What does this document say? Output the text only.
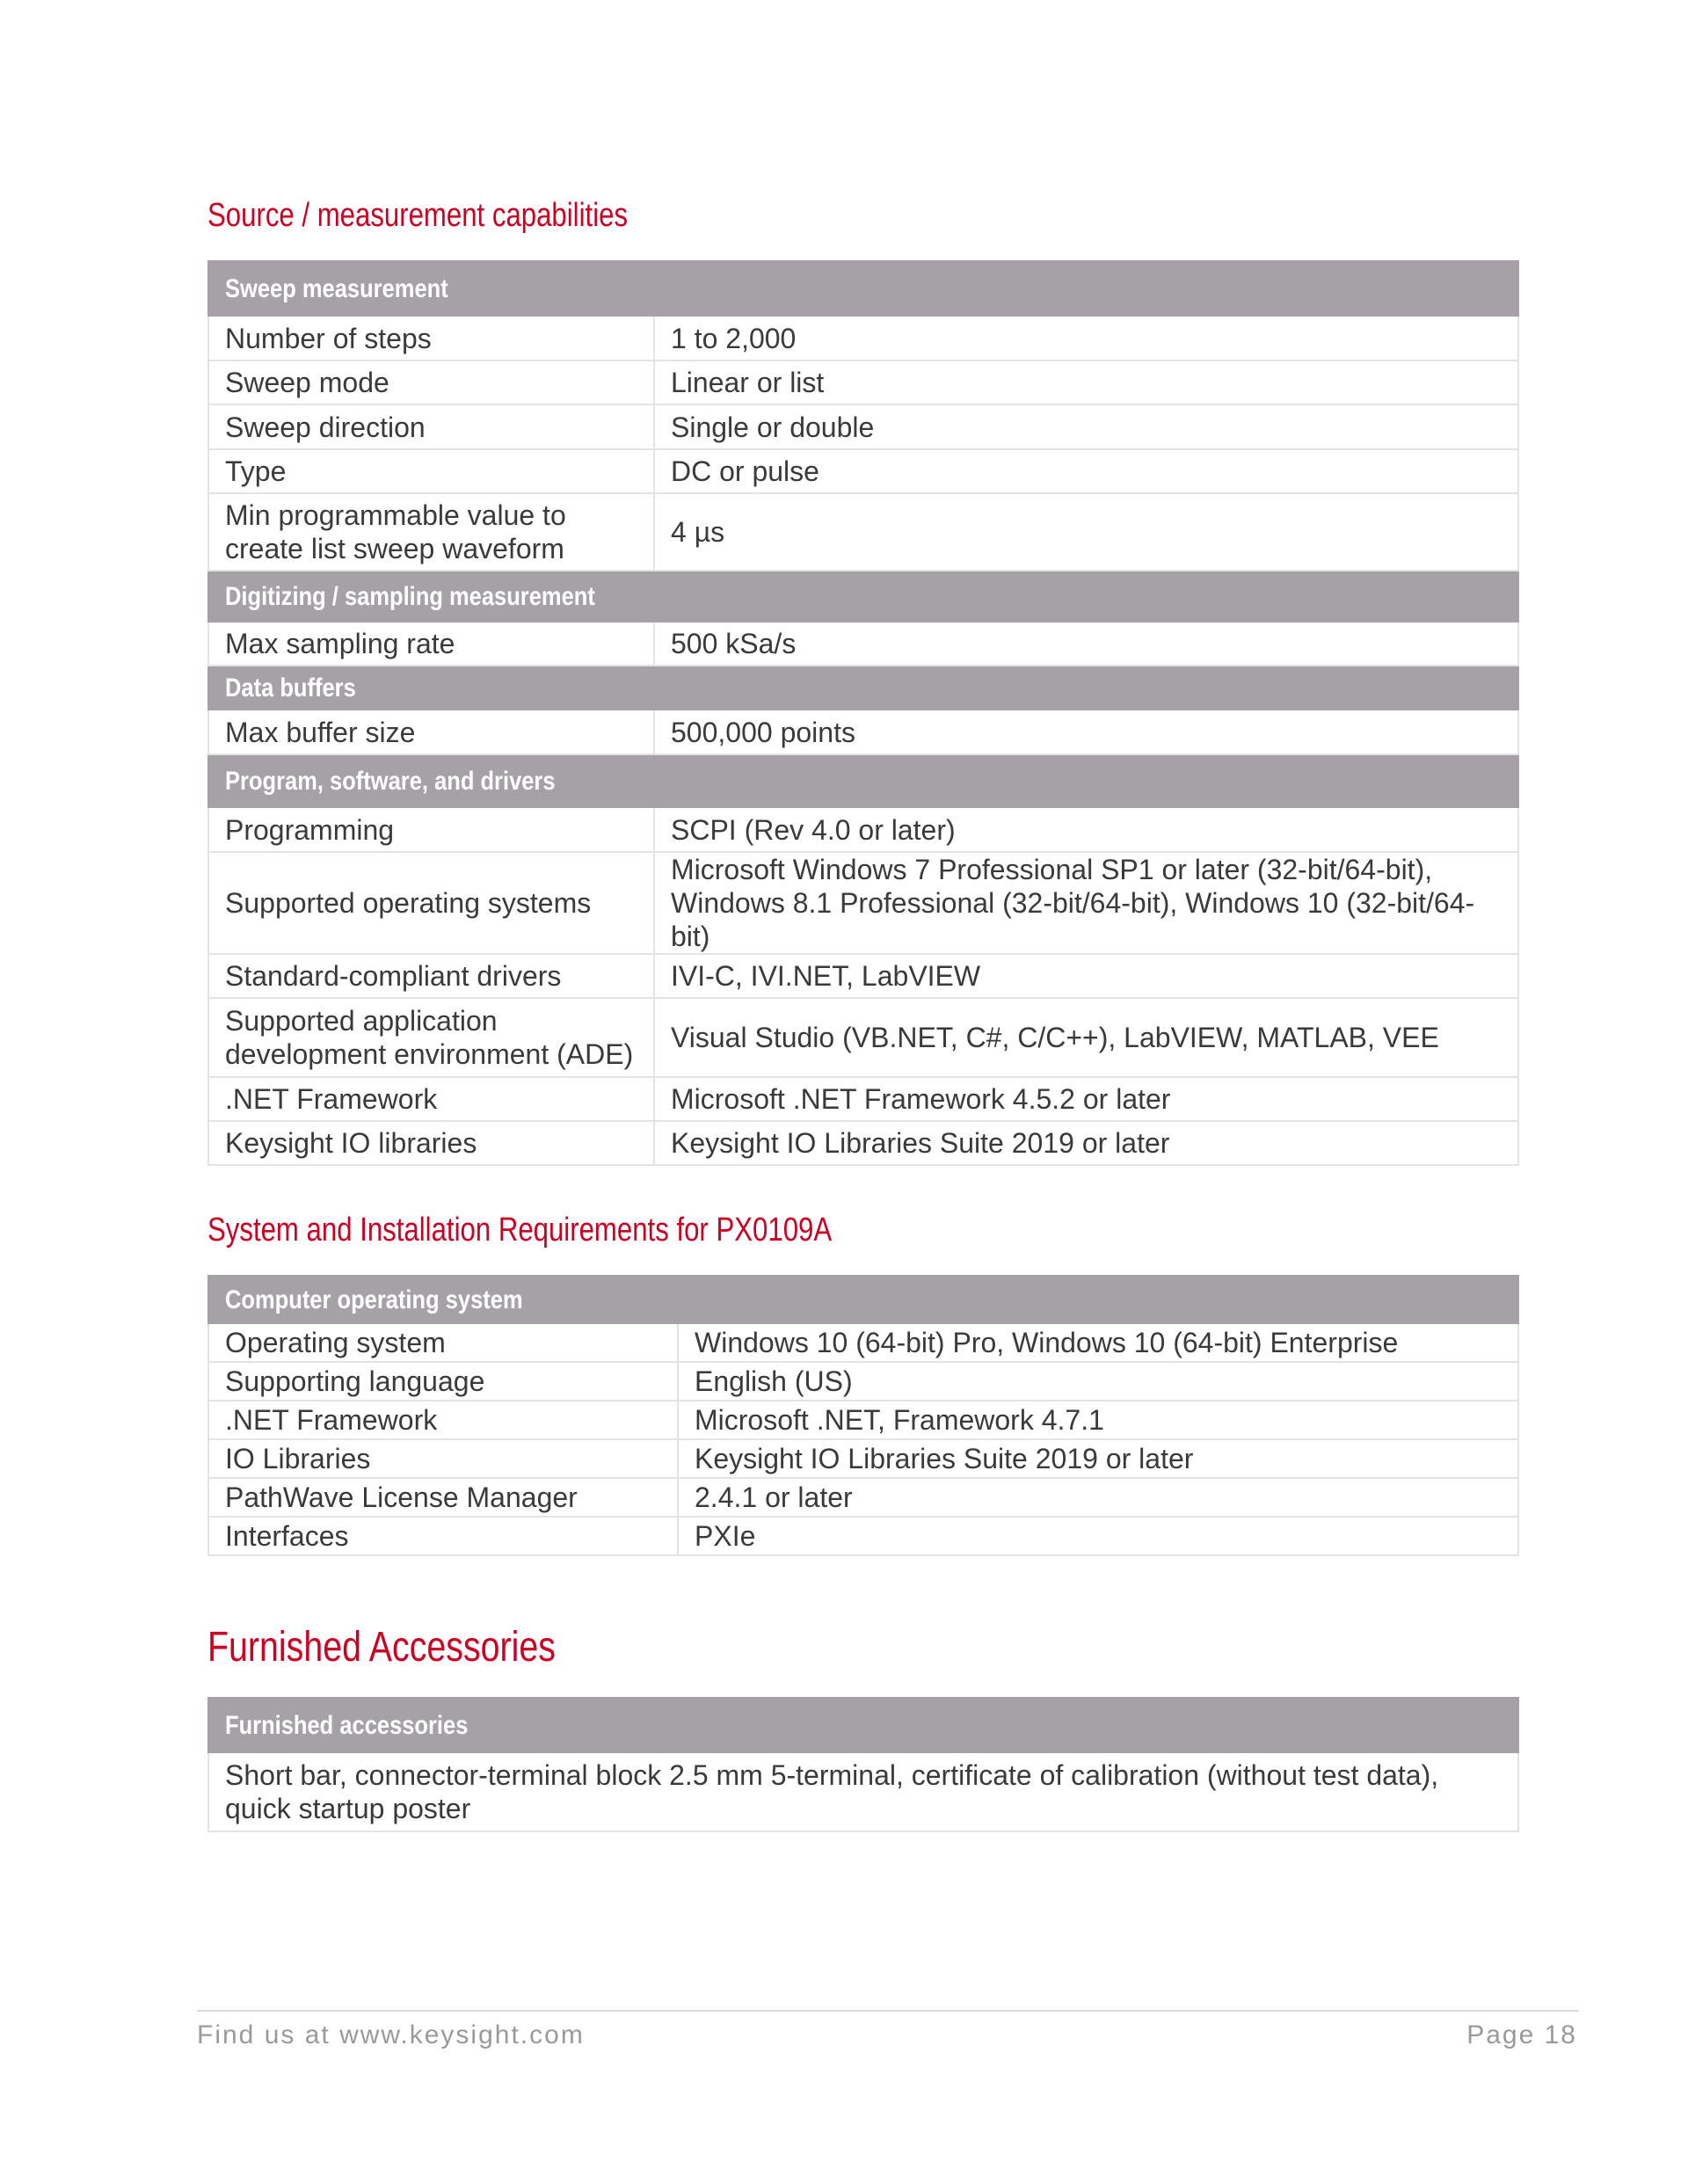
Source / measurement capabilities
Sweep measurement	
Number of steps	1 to 2,000
Sweep mode	Linear or list
Sweep direction	Single or double
Type	DC or pulse
Min programmable value to create list sweep waveform	4 µs
Digitizing / sampling measurement	
Max sampling rate	500 kSa/s
Data buffers	
Max buffer size	500,000 points
Program, software, and drivers	
Programming	SCPI (Rev 4.0 or later)
Supported operating systems	Microsoft Windows 7 Professional SP1 or later (32-bit/64-bit), Windows 8.1 Professional (32-bit/64-bit), Windows 10 (32-bit/64-bit)
Standard-compliant drivers	IVI-C, IVI.NET, LabVIEW
Supported application development environment (ADE)	Visual Studio (VB.NET, C#, C/C++), LabVIEW, MATLAB, VEE
.NET Framework	Microsoft .NET Framework 4.5.2 or later
Keysight IO libraries	Keysight IO Libraries Suite 2019 or later
System and Installation Requirements for PX0109A
Computer operating system	
Operating system	Windows 10 (64-bit) Pro, Windows 10 (64-bit) Enterprise
Supporting language	English (US)
.NET Framework	Microsoft .NET, Framework 4.7.1
IO Libraries	Keysight IO Libraries Suite 2019 or later
PathWave License Manager	2.4.1 or later
Interfaces	PXIe
Furnished Accessories
Furnished accessories
Short bar, connector-terminal block 2.5 mm 5-terminal, certificate of calibration (without test data), quick startup poster
Find us at www.keysight.com	Page 18
